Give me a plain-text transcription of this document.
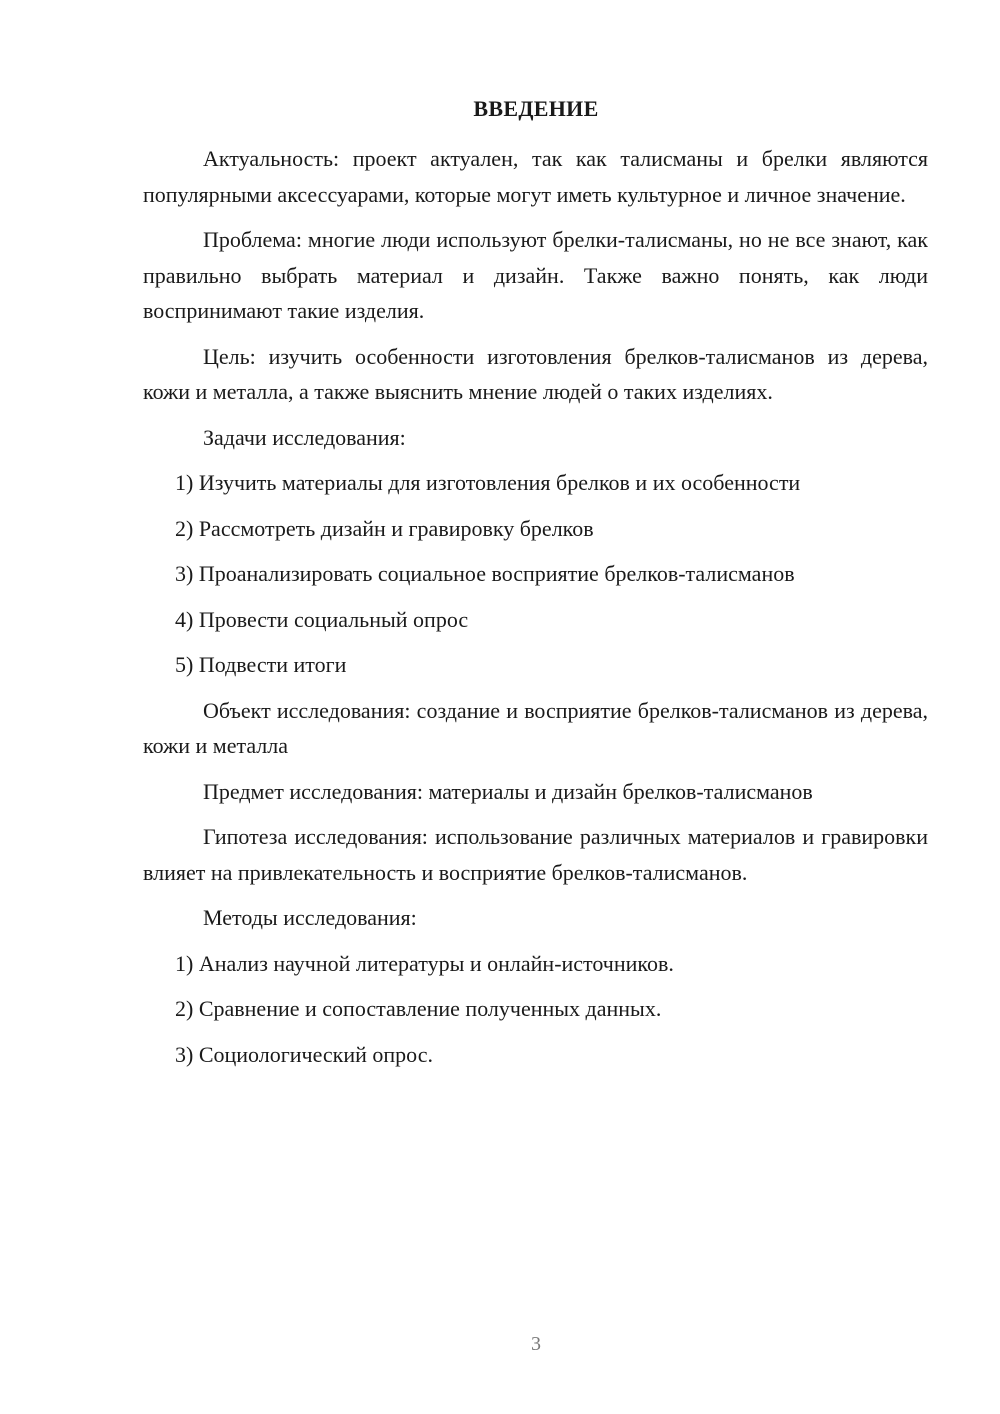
ВВЕДЕНИЕ

Актуальность: проект актуален, так как талисманы и брелки являются популярными аксессуарами, которые могут иметь культурное и личное значение.

Проблема: многие люди используют брелки-талисманы, но не все знают, как правильно выбрать материал и дизайн. Также важно понять, как люди воспринимают такие изделия.

Цель: изучить особенности изготовления брелков-талисманов из дерева, кожи и металла, а также выяснить мнение людей о таких изделиях.

Задачи исследования:

1) Изучить материалы для изготовления брелков и их особенности

2) Рассмотреть дизайн и гравировку брелков

3) Проанализировать социальное восприятие брелков-талисманов

4) Провести социальный опрос

5) Подвести итоги

Объект исследования: создание и восприятие брелков-талисманов из дерева, кожи и металла

Предмет исследования: материалы и дизайн брелков-талисманов

Гипотеза исследования: использование различных материалов и гравировки влияет на привлекательность и восприятие брелков-талисманов.

Методы исследования:

1) Анализ научной литературы и онлайн-источников.

2) Сравнение и сопоставление полученных данных.

3) Социологический опрос.

3
